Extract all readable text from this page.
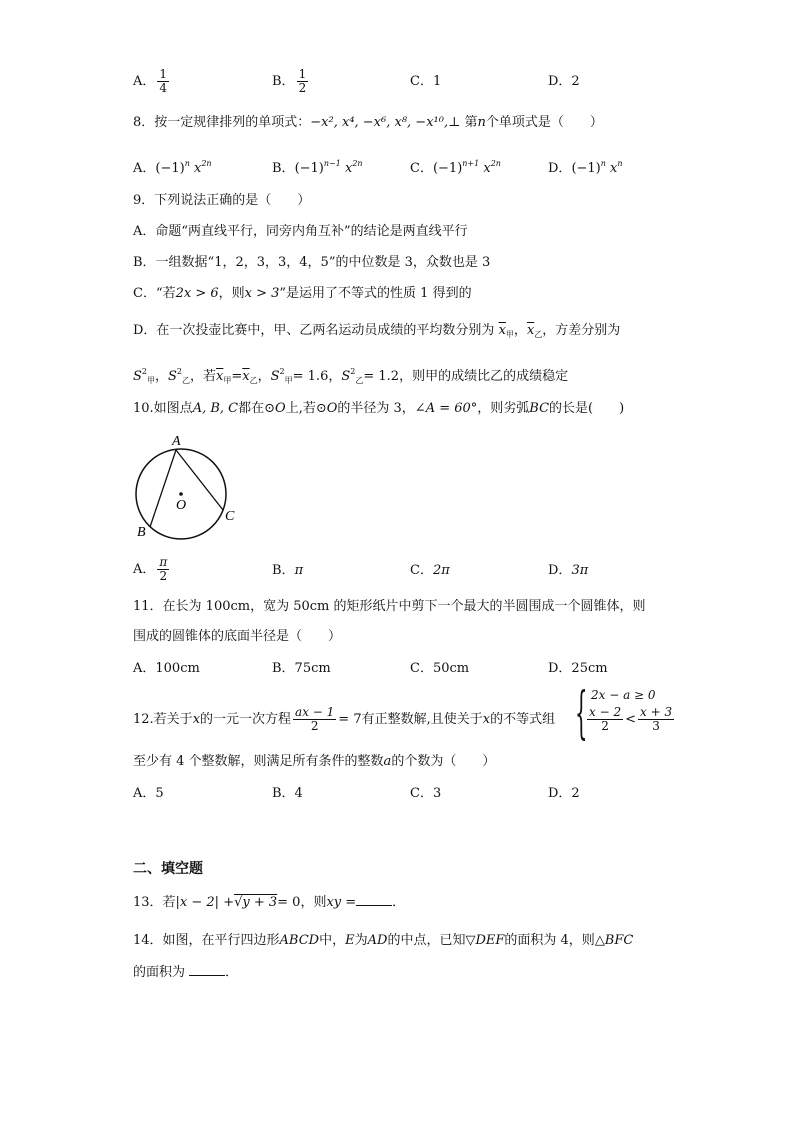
A． $\frac{1}{4}$	B． $\frac{1}{2}$	C．1	D．2
8．按一定规律排列的单项式：−x², x⁴, −x⁶, x⁸, −x¹⁰,⊥ 第n个单项式是（　　）
A．$(-1)^n$ $x^{2n}$	B．$(-1)^{n-1}$ $x^{2n}$	C．$(-1)^{n+1}$ $x^{2n}$	D．$(-1)^n$ $x^n$
9．下列说法正确的是（　　）
A．命题“两直线平行，同旁内角互补”的结论是两直线平行
B．一组数据“1，2，3，3，4，5”的中位数是 3，众数也是 3
C．“若2x > 6，则x > 3”是运用了不等式的性质 1 得到的
D．在一次投壶比赛中，甲、乙两名运动员成绩的平均数分别为 $\overline{x}_甲$，$\overline{x}_乙$，方差分别为
$S^2_甲$，$S^2_乙$，若$\overline{x}_甲=\overline{x}_乙$，$S^2_甲= 1.6$，$S^2_乙= 1.2$，则甲的成绩比乙的成绩稳定
10.如图点A, B, C都在⊙O上,若⊙O的半径为 3，∠A = 60°，则劣弧BC的长是(　　)
A
B
C
O
A． $\frac{\pi}{2}$	B．π	C．2π	D．3π
11．在长为 100cm，宽为 50cm 的矩形纸片中剪下一个最大的半圆围成一个圆锥体，则
围成的圆锥体的底面半径是（　　）
A．100cm	B．75cm	C．50cm	D．25cm
12.若关于x的一元一次方程 $\frac{ax - 1}{2} = 7$有正整数解,且使关于x的不等式组 { 2x − a ≥ 0
$\frac{x - 2}{2} < \frac{x + 3}{3}$
至少有 4 个整数解，则满足所有条件的整数a的个数为（　　）
A．5	B．4	C．3	D．2
二、填空题
13．若|x − 2| +√y + 3= 0，则xy =	．
14．如图，在平行四边形ABCD中，E为AD的中点，已知▽DEF的面积为 4，则△BFC
的面积为	．
